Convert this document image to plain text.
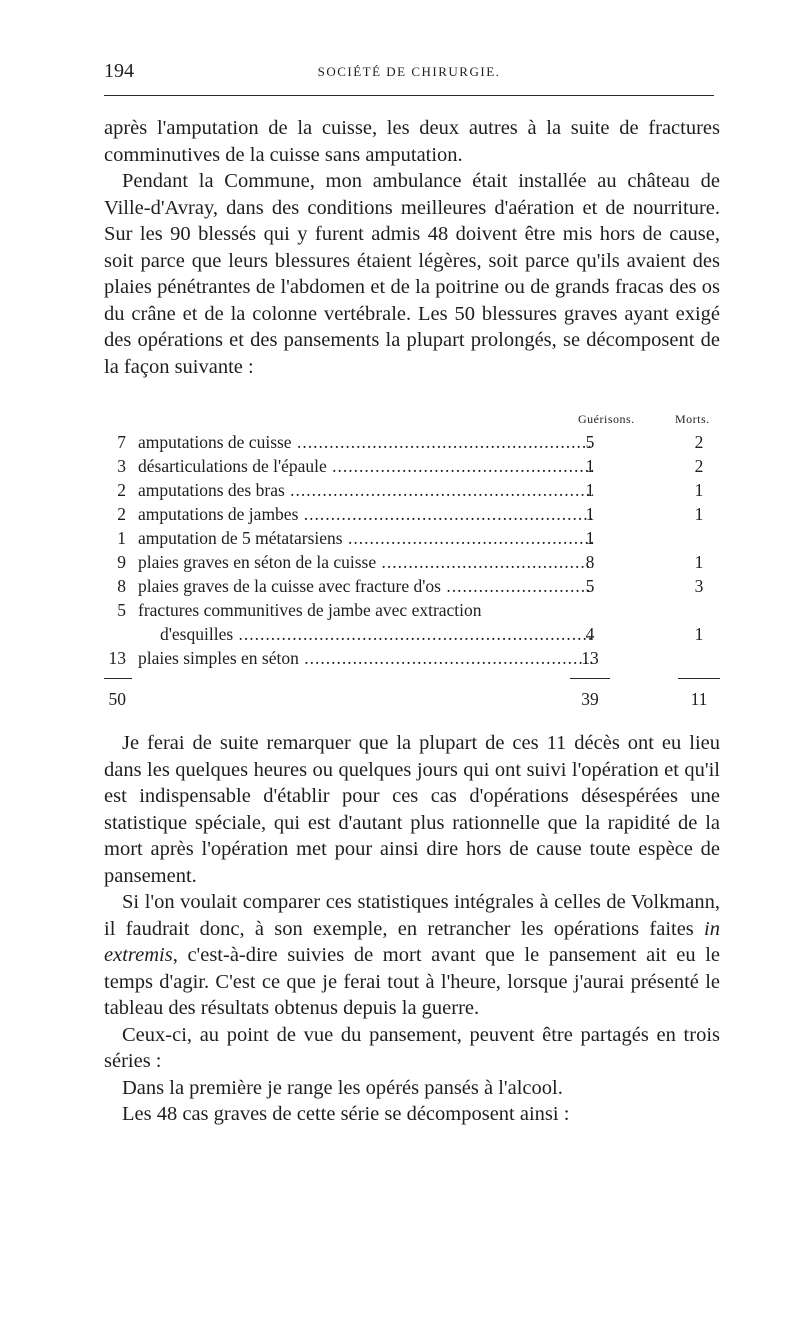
194	SOCIÉTÉ DE CHIRURGIE.

après l'amputation de la cuisse, les deux autres à la suite de fractures comminutives de la cuisse sans amputation.

Pendant la Commune, mon ambulance était installée au château de Ville-d'Avray, dans des conditions meilleures d'aération et de nourriture. Sur les 90 blessés qui y furent admis 48 doivent être mis hors de cause, soit parce que leurs blessures étaient légères, soit parce qu'ils avaient des plaies pénétrantes de l'abdomen et de la poitrine ou de grands fracas des os du crâne et de la colonne vertébrale. Les 50 blessures graves ayant exigé des opérations et des pansements la plupart prolongés, se décomposent de la façon suivante :

Guérisons.	Morts.
7 amputations de cuisse .....	5	2
3 désarticulations de l'épaule .....	1	2
2 amputations des bras .....	1	1
2 amputations de jambes .....	1	1
1 amputation de 5 métatarsiens .....	1
9 plaies graves en séton de la cuisse .....	8	1
8 plaies graves de la cuisse avec fracture d'os .....	5	3
5 fractures communitives de jambe avec extraction
d'esquilles .....	4	1
13 plaies simples en séton .....	13
50	39	11

Je ferai de suite remarquer que la plupart de ces 11 décès ont eu lieu dans les quelques heures ou quelques jours qui ont suivi l'opération et qu'il est indispensable d'établir pour ces cas d'opérations désespérées une statistique spéciale, qui est d'autant plus rationnelle que la rapidité de la mort après l'opération met pour ainsi dire hors de cause toute espèce de pansement.

Si l'on voulait comparer ces statistiques intégrales à celles de Volkmann, il faudrait donc, à son exemple, en retrancher les opérations faites in extremis, c'est-à-dire suivies de mort avant que le pansement ait eu le temps d'agir. C'est ce que je ferai tout à l'heure, lorsque j'aurai présenté le tableau des résultats obtenus depuis la guerre.

Ceux-ci, au point de vue du pansement, peuvent être partagés en trois séries :

Dans la première je range les opérés pansés à l'alcool.

Les 48 cas graves de cette série se décomposent ainsi :
